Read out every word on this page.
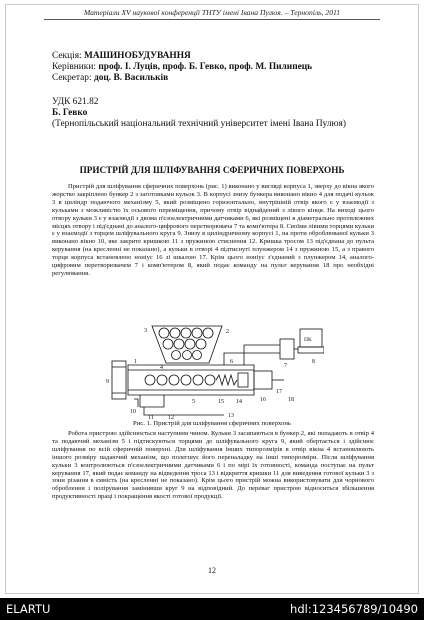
Матеріали XV наукової конференції ТНТУ імені Івана Пулюя. – Тернопіль, 2011
Секція: МАШИНОБУДУВАННЯ
Керівники: проф. І. Луців, проф. Б. Гевко, проф. М. Пилипець
Секретар: доц. В. Васильків
УДК 621.82
Б. Гевко
(Тернопільський національний технічний університет імені Івана Пулюя)
ПРИСТРІЙ ДЛЯ ШЛІФУВАННЯ СФЕРИЧНИХ ПОВЕРХОНЬ
Пристрій для шліфування сферичних поверхонь (рис. 1) виконано у вигляді корпуса 1, зверху до вікна якого жорстко закріплено бункер 2 з заготовками кульок 3. В корпусі знизу бункера виконано вікно 4 для подачі кульок 3 в циліндр подаючого механізму 5, який розміщено горизонтально, внутрішній отвір якого є у взаємодії з кульками з можливістю їх осьового переміщення, причому отвір віднайдений з лівого кінця. На виході цього отвору кульки 3 є у взаємодії з двома п'єзоелектричними датчиками 6, які розміщені в діаметрально протилежних місцях отвору і під'єднані до аналого-цифрового перетворювача 7 та комп'ютера 8. Своїми лівими торцями кульки є у взаємодії з торцем шліфувального круга 9. Знизу в циліндричному корпусі 1, на проти оброблюваної кульки 3 виконано вікно 10, яке закрите кришкою 11 з пружиною стиснення 12. Кришка тросом 13 під'єднана до пульта керування (на кресленні не показано), а кульки в отворі 4 підтиснуті плунжером 14 з пружиною 15, а з правого торця корпуса встановлено ноніус 16 зі шкалою 17. Крім цього ноніус з'єднаний з плунжером 14, аналого-цифровим перетворювачем 7 і комп'ютером 8, який подає команду на пульт керування 18 про необхідні регулювання.
3	2
4
1
5
6
7
8
9
10
11 12	13
14
15	16
17
18
ПК
Рис. 1. Пристрій для шліфування сферичних поверхонь
Робота пристрою здійснюється наступним чином. Кульки 3 засипаються в бункер 2, які попадають в отвір 4 та подаючий механізм 5 і підтискуються торцями до шліфувального круга 9, який обертається і здійснює шліфування по всій сферичній поверхні. Для шліфування інших типорозмірів в отвір вікна 4 встановлюють іншого розміру падаючий механізм, що полегшує його переналадку на інші типорозміри. Після шліфування кульки 3 контролюються п'єзоелектричними датчиками 6 і по мірі їх готовності, команда поступає на пульт керування 17, який подає команду на відведення троса 13 і відкриття кришки 11 для виведення готової кульки 3 з зони різання в ємність (на кресленні не показано). Крім цього пристрій можна використовувати для чорнового оброблення і полірування замінивши круг 9 на відповідний. До переваг пристрою відноситься збільшення продуктивності праці і покращення якості готової продукції.
12
ELARTU	hdl:123456789/10490
